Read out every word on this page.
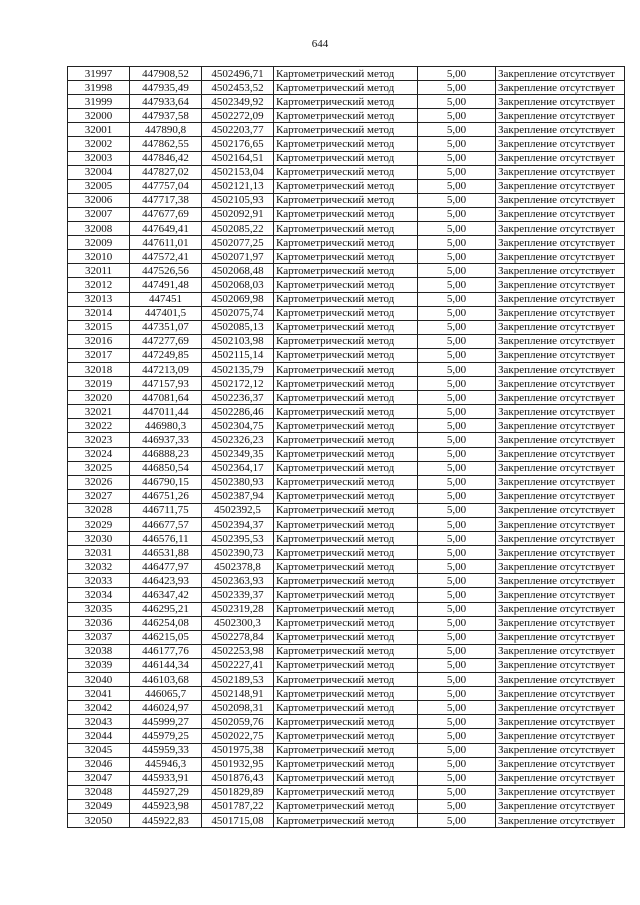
644
31997	447908,52	4502496,71	Картометрический метод	5,00	Закрепление отсутствует
31998	447935,49	4502453,52	Картометрический метод	5,00	Закрепление отсутствует
31999	447933,64	4502349,92	Картометрический метод	5,00	Закрепление отсутствует
32000	447937,58	4502272,09	Картометрический метод	5,00	Закрепление отсутствует
32001	447890,8	4502203,77	Картометрический метод	5,00	Закрепление отсутствует
32002	447862,55	4502176,65	Картометрический метод	5,00	Закрепление отсутствует
32003	447846,42	4502164,51	Картометрический метод	5,00	Закрепление отсутствует
32004	447827,02	4502153,04	Картометрический метод	5,00	Закрепление отсутствует
32005	447757,04	4502121,13	Картометрический метод	5,00	Закрепление отсутствует
32006	447717,38	4502105,93	Картометрический метод	5,00	Закрепление отсутствует
32007	447677,69	4502092,91	Картометрический метод	5,00	Закрепление отсутствует
32008	447649,41	4502085,22	Картометрический метод	5,00	Закрепление отсутствует
32009	447611,01	4502077,25	Картометрический метод	5,00	Закрепление отсутствует
32010	447572,41	4502071,97	Картометрический метод	5,00	Закрепление отсутствует
32011	447526,56	4502068,48	Картометрический метод	5,00	Закрепление отсутствует
32012	447491,48	4502068,03	Картометрический метод	5,00	Закрепление отсутствует
32013	447451	4502069,98	Картометрический метод	5,00	Закрепление отсутствует
32014	447401,5	4502075,74	Картометрический метод	5,00	Закрепление отсутствует
32015	447351,07	4502085,13	Картометрический метод	5,00	Закрепление отсутствует
32016	447277,69	4502103,98	Картометрический метод	5,00	Закрепление отсутствует
32017	447249,85	4502115,14	Картометрический метод	5,00	Закрепление отсутствует
32018	447213,09	4502135,79	Картометрический метод	5,00	Закрепление отсутствует
32019	447157,93	4502172,12	Картометрический метод	5,00	Закрепление отсутствует
32020	447081,64	4502236,37	Картометрический метод	5,00	Закрепление отсутствует
32021	447011,44	4502286,46	Картометрический метод	5,00	Закрепление отсутствует
32022	446980,3	4502304,75	Картометрический метод	5,00	Закрепление отсутствует
32023	446937,33	4502326,23	Картометрический метод	5,00	Закрепление отсутствует
32024	446888,23	4502349,35	Картометрический метод	5,00	Закрепление отсутствует
32025	446850,54	4502364,17	Картометрический метод	5,00	Закрепление отсутствует
32026	446790,15	4502380,93	Картометрический метод	5,00	Закрепление отсутствует
32027	446751,26	4502387,94	Картометрический метод	5,00	Закрепление отсутствует
32028	446711,75	4502392,5	Картометрический метод	5,00	Закрепление отсутствует
32029	446677,57	4502394,37	Картометрический метод	5,00	Закрепление отсутствует
32030	446576,11	4502395,53	Картометрический метод	5,00	Закрепление отсутствует
32031	446531,88	4502390,73	Картометрический метод	5,00	Закрепление отсутствует
32032	446477,97	4502378,8	Картометрический метод	5,00	Закрепление отсутствует
32033	446423,93	4502363,93	Картометрический метод	5,00	Закрепление отсутствует
32034	446347,42	4502339,37	Картометрический метод	5,00	Закрепление отсутствует
32035	446295,21	4502319,28	Картометрический метод	5,00	Закрепление отсутствует
32036	446254,08	4502300,3	Картометрический метод	5,00	Закрепление отсутствует
32037	446215,05	4502278,84	Картометрический метод	5,00	Закрепление отсутствует
32038	446177,76	4502253,98	Картометрический метод	5,00	Закрепление отсутствует
32039	446144,34	4502227,41	Картометрический метод	5,00	Закрепление отсутствует
32040	446103,68	4502189,53	Картометрический метод	5,00	Закрепление отсутствует
32041	446065,7	4502148,91	Картометрический метод	5,00	Закрепление отсутствует
32042	446024,97	4502098,31	Картометрический метод	5,00	Закрепление отсутствует
32043	445999,27	4502059,76	Картометрический метод	5,00	Закрепление отсутствует
32044	445979,25	4502022,75	Картометрический метод	5,00	Закрепление отсутствует
32045	445959,33	4501975,38	Картометрический метод	5,00	Закрепление отсутствует
32046	445946,3	4501932,95	Картометрический метод	5,00	Закрепление отсутствует
32047	445933,91	4501876,43	Картометрический метод	5,00	Закрепление отсутствует
32048	445927,29	4501829,89	Картометрический метод	5,00	Закрепление отсутствует
32049	445923,98	4501787,22	Картометрический метод	5,00	Закрепление отсутствует
32050	445922,83	4501715,08	Картометрический метод	5,00	Закрепление отсутствует
